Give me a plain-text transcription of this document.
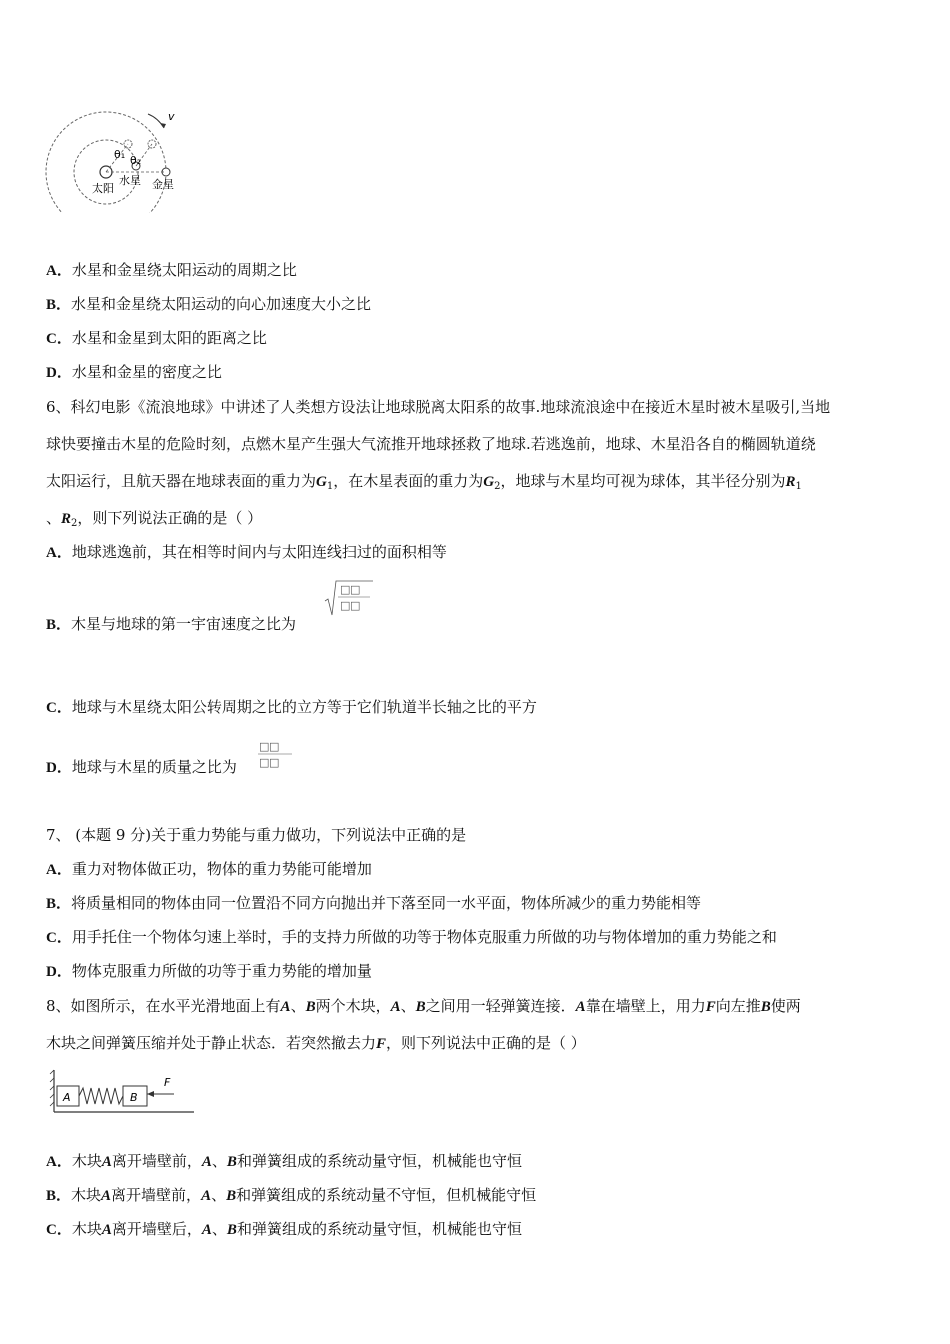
v
θ₁ θ₂
太阳
水星 金星
A．水星和金星绕太阳运动的周期之比
B．水星和金星绕太阳运动的向心加速度大小之比
C．水星和金星到太阳的距离之比
D．水星和金星的密度之比
6、科幻电影《流浪地球》中讲述了人类想方设法让地球脱离太阳系的故事.地球流浪途中在接近木星时被木星吸引,当地
球快要撞击木星的危险时刻，点燃木星产生强大气流推开地球拯救了地球.若逃逸前，地球、木星沿各自的椭圆轨道绕
太阳运行，且航天器在地球表面的重力为$G_1$，在木星表面的重力为$G_2$，地球与木星均可视为球体，其半径分别为$R_1$
、$R_2$，则下列说法正确的是（ ）
A．地球逃逸前，其在相等时间内与太阳连线扫过的面积相等
B．木星与地球的第一宇宙速度之比为
□ □
□ □
C．地球与木星绕太阳公转周期之比的立方等于它们轨道半长轴之比的平方
D．地球与木星的质量之比为
□ □
□ □
7、 (本题 9 分)关于重力势能与重力做功，下列说法中正确的是
A．重力对物体做正功，物体的重力势能可能增加
B．将质量相同的物体由同一位置沿不同方向抛出并下落至同一水平面，物体所减少的重力势能相等
C．用手托住一个物体匀速上举时，手的支持力所做的功等于物体克服重力所做的功与物体增加的重力势能之和
D．物体克服重力所做的功等于重力势能的增加量
8、如图所示，在水平光滑地面上有A、B两个木块，A、B之间用一轻弹簧连接．A靠在墙壁上，用力F向左推B使两
木块之间弹簧压缩并处于静止状态．若突然撤去力F，则下列说法中正确的是（ ）
A	B
F
A．木块A离开墙壁前，A、B和弹簧组成的系统动量守恒，机械能也守恒
B．木块A离开墙壁前，A、B和弹簧组成的系统动量不守恒，但机械能守恒
C．木块A离开墙壁后，A、B和弹簧组成的系统动量守恒，机械能也守恒
